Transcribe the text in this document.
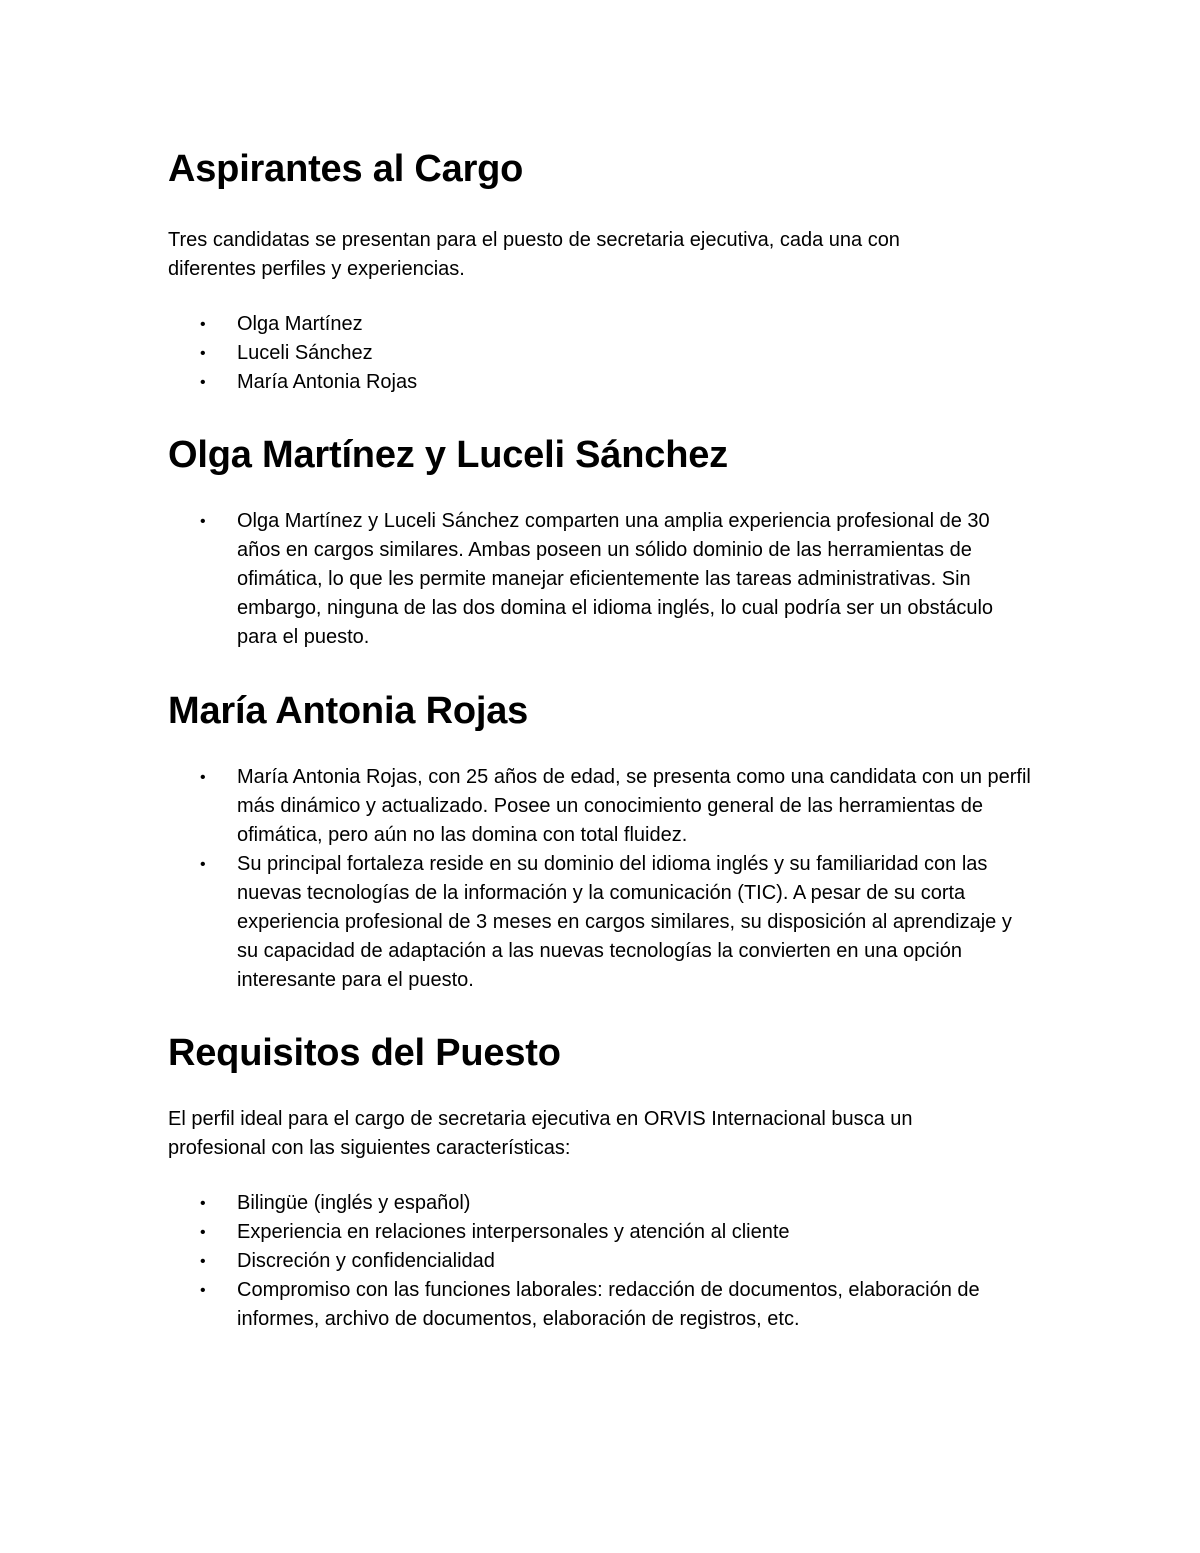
Aspirantes al Cargo

Tres candidatas se presentan para el puesto de secretaria ejecutiva, cada una con diferentes perfiles y experiencias.

• Olga Martínez
• Luceli Sánchez
• María Antonia Rojas
Olga Martínez y Luceli Sánchez
• Olga Martínez y Luceli Sánchez comparten una amplia experiencia profesional de 30 años en cargos similares. Ambas poseen un sólido dominio de las herramientas de ofimática, lo que les permite manejar eficientemente las tareas administrativas. Sin embargo, ninguna de las dos domina el idioma inglés, lo cual podría ser un obstáculo para el puesto.
María Antonia Rojas
• María Antonia Rojas, con 25 años de edad, se presenta como una candidata con un perfil más dinámico y actualizado. Posee un conocimiento general de las herramientas de ofimática, pero aún no las domina con total fluidez.
• Su principal fortaleza reside en su dominio del idioma inglés y su familiaridad con las nuevas tecnologías de la información y la comunicación (TIC). A pesar de su corta experiencia profesional de 3 meses en cargos similares, su disposición al aprendizaje y su capacidad de adaptación a las nuevas tecnologías la convierten en una opción interesante para el puesto.
Requisitos del Puesto

El perfil ideal para el cargo de secretaria ejecutiva en ORVIS Internacional busca un profesional con las siguientes características:

• Bilingüe (inglés y español)
• Experiencia en relaciones interpersonales y atención al cliente
• Discreción y confidencialidad
• Compromiso con las funciones laborales: redacción de documentos, elaboración de informes, archivo de documentos, elaboración de registros, etc.
